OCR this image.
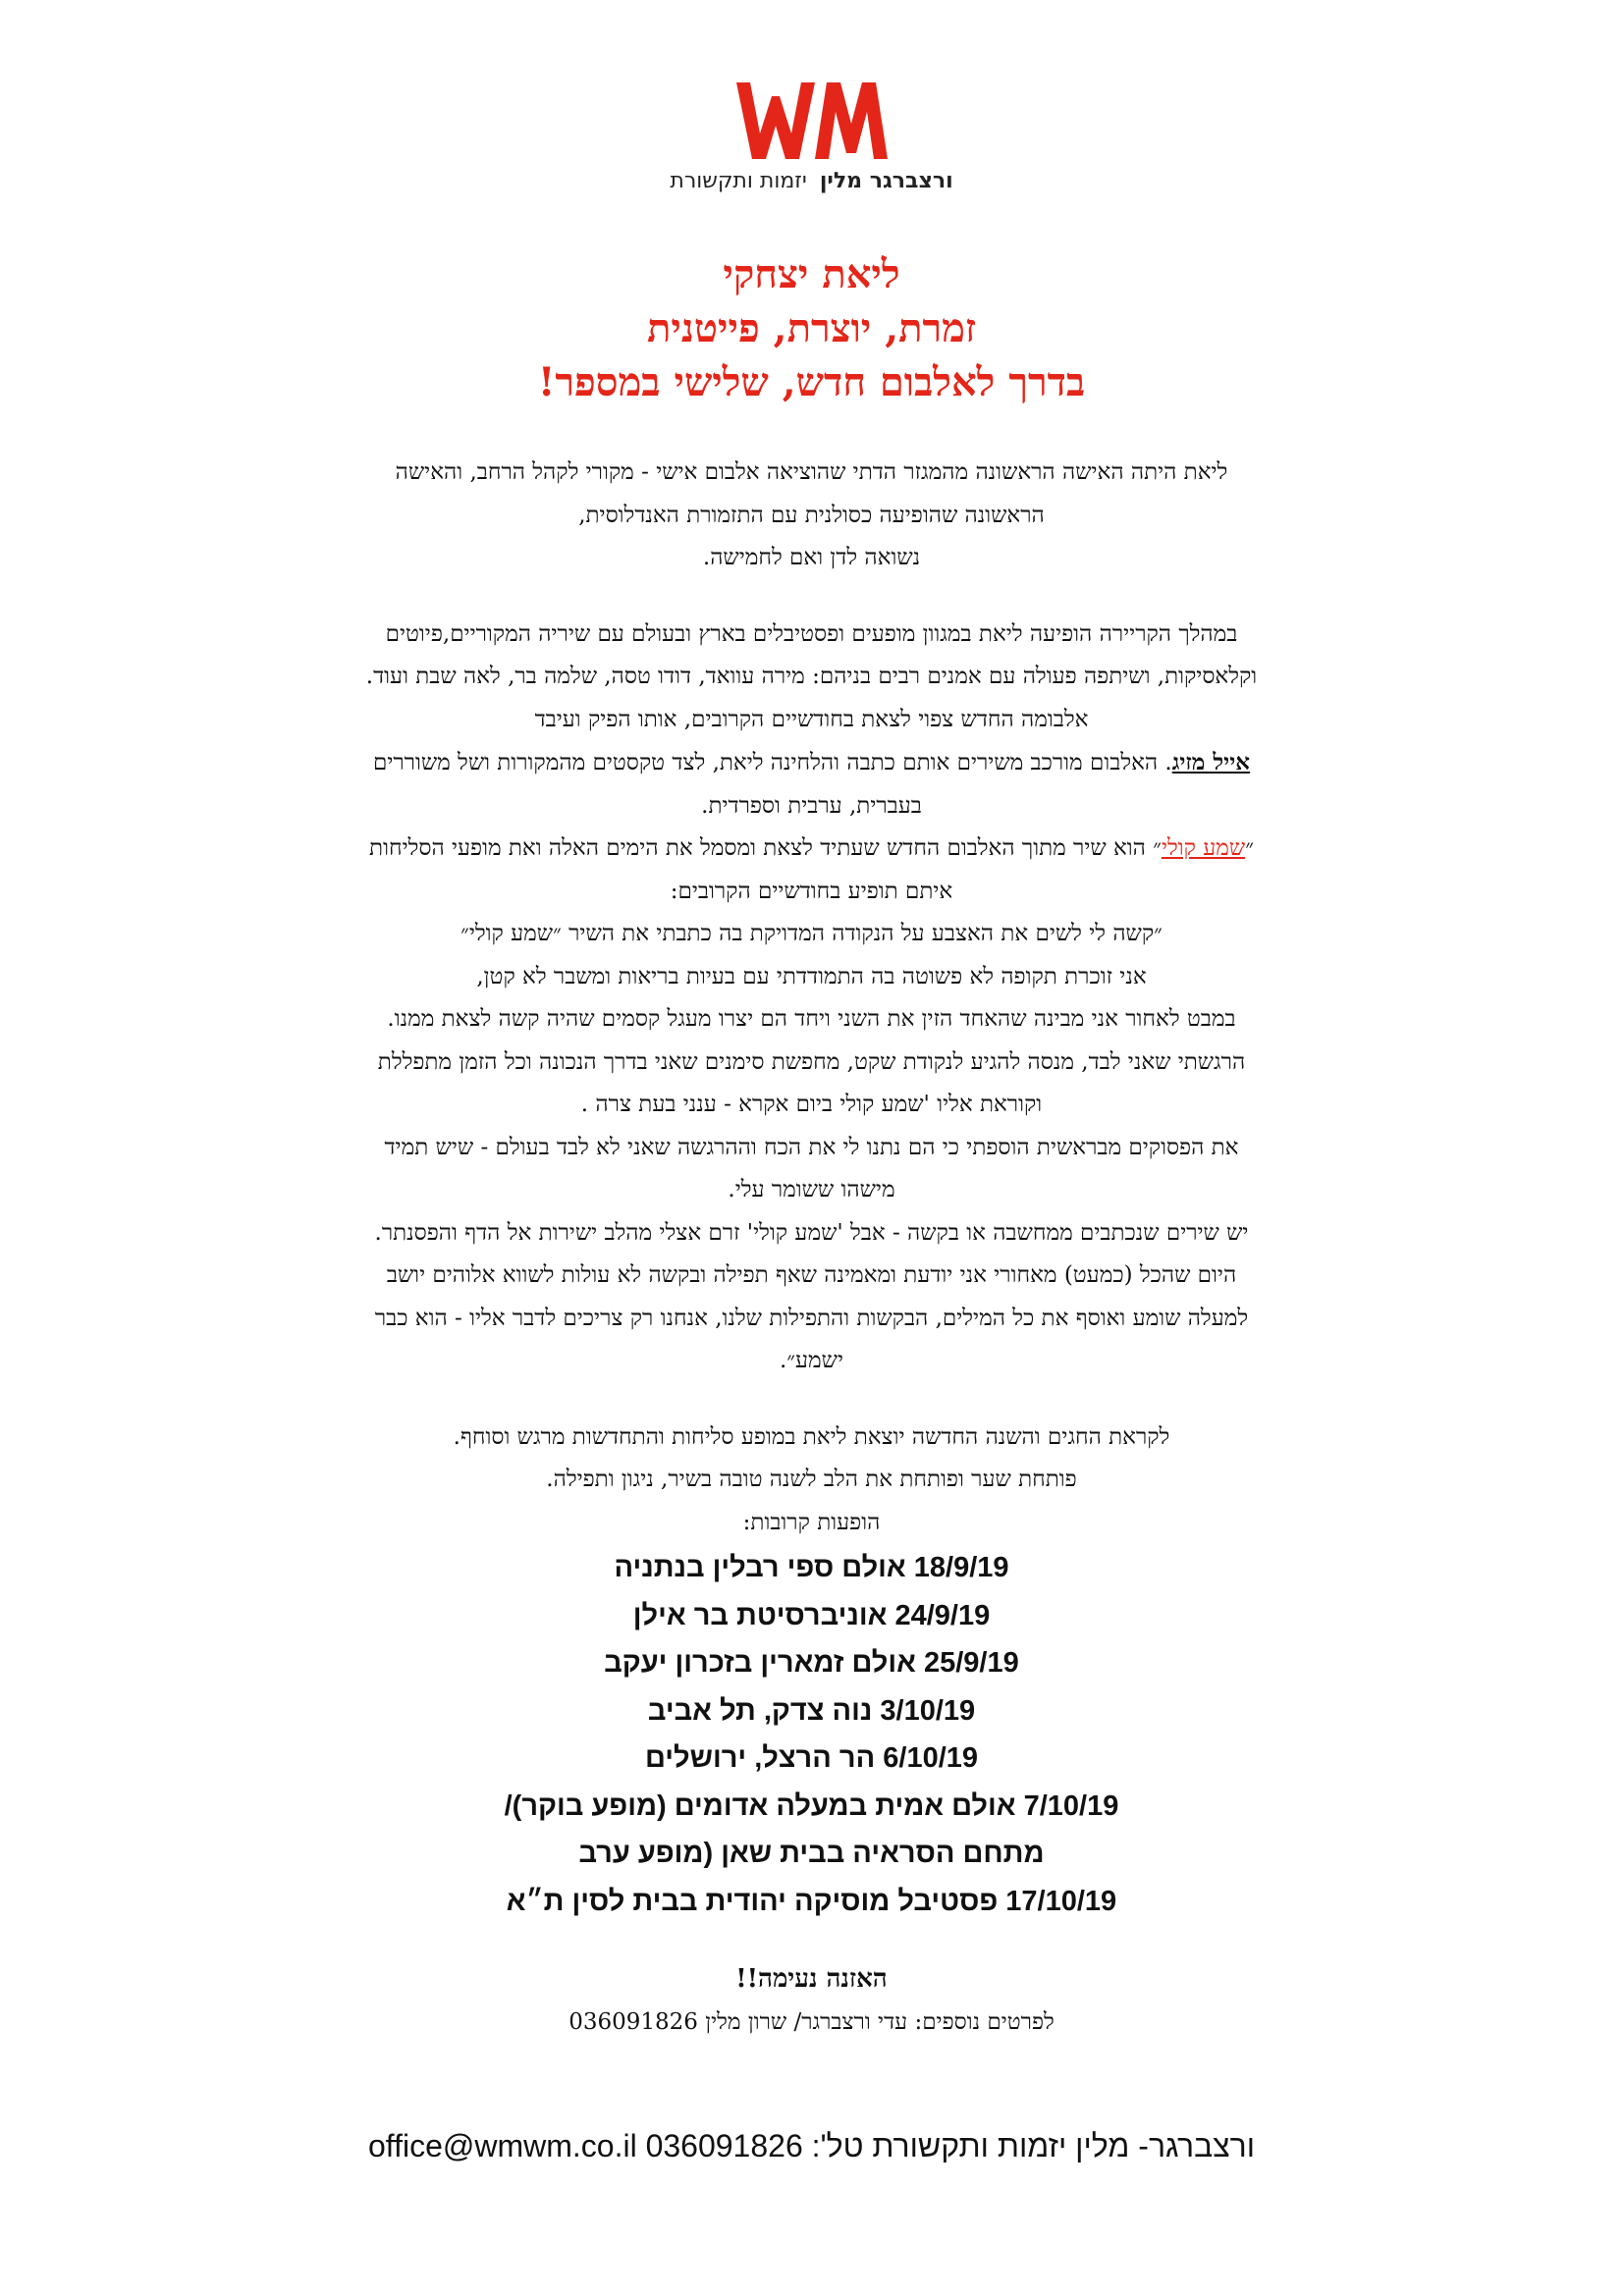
ורצברגר מלין יזמות ותקשורת
ליאת יצחקי
זמרת, יוצרת, פייטנית
בדרך לאלבום חדש, שלישי במספר!

ליאת היתה האישה הראשונה מהמגזר הדתי שהוציאה אלבום אישי - מקורי לקהל הרחב, והאישה

הראשונה שהופיעה כסולנית עם התזמורת האנדלוסית,

נשואה לדן ואם לחמישה.

במהלך הקריירה הופיעה ליאת במגוון מופעים ופסטיבלים בארץ ובעולם עם שיריה המקוריים,פיוטים

וקלאסיקות, ושיתפה פעולה עם אמנים רבים בניהם: מירה עוואד, דודו טסה, שלמה בר, לאה שבת ועוד.

אלבומה החדש צפוי לצאת בחודשיים הקרובים, אותו הפיק ועיבד

אייל מזיג. האלבום מורכב משירים אותם כתבה והלחינה ליאת, לצד טקסטים מהמקורות ושל משוררים

בעברית, ערבית וספרדית.

״שמע קולי״ הוא שיר מתוך האלבום החדש שעתיד לצאת ומסמל את הימים האלה ואת מופעי הסליחות

איתם תופיע בחודשיים הקרובים:

״קשה לי לשים את האצבע על הנקודה המדויקת בה כתבתי את השיר ״שמע קולי״

אני זוכרת תקופה לא פשוטה בה התמודדתי עם בעיות בריאות ומשבר לא קטן,

במבט לאחור אני מבינה שהאחד הזין את השני ויחד הם יצרו מעגל קסמים שהיה קשה לצאת ממנו.

הרגשתי שאני לבד, מנסה להגיע לנקודת שקט, מחפשת סימנים שאני בדרך הנכונה וכל הזמן מתפללת

וקוראת אליו 'שמע קולי ביום אקרא - ענני בעת צרה .

את הפסוקים מבראשית הוספתי כי הם נתנו לי את הכח וההרגשה שאני לא לבד בעולם - שיש תמיד

מישהו ששומר עלי.

יש שירים שנכתבים ממחשבה או בקשה - אבל 'שמע קולי' זרם אצלי מהלב ישירות אל הדף והפסנתר.

היום שהכל (כמעט) מאחורי אני יודעת ומאמינה שאף תפילה ובקשה לא עולות לשווא אלוהים יושב

למעלה שומע ואוסף את כל המילים, הבקשות והתפילות שלנו, אנחנו רק צריכים לדבר אליו - הוא כבר

ישמע״.

לקראת החגים והשנה החדשה יוצאת ליאת במופע סליחות והתחדשות מרגש וסוחף.

פותחת שער ופותחת את הלב לשנה טובה בשיר, ניגון ותפילה.

הופעות קרובות:

18/9/19 אולם ספי רבלין בנתניה

24/9/19 אוניברסיטת בר אילן

25/9/19 אולם זמארין בזכרון יעקב

3/10/19 נוה צדק, תל אביב

6/10/19 הר הרצל, ירושלים

7/10/19 אולם אמית במעלה אדומים (מופע בוקר)/

מתחם הסראיה בבית שאן (מופע ערב

17/10/19 פסטיבל מוסיקה יהודית בבית לסין ת״א

האזנה נעימה!!

לפרטים נוספים: עדי ורצברגר/ שרון מלין 036091826

ורצברגר- מלין יזמות ותקשורת טל': 036091826 office@wmwm.co.il
